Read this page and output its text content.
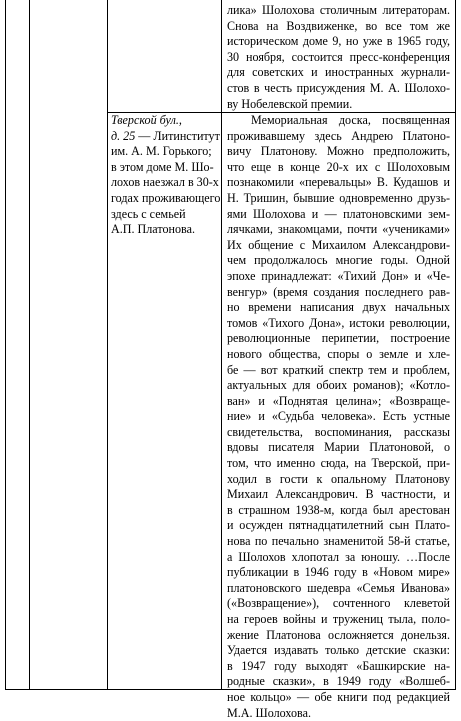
лика» Шолохова столичным литераторам.
Снова на Воздвиженке, во все том же
историческом доме 9, но уже в 1965 году,
30 ноября, состоится пресс-конференция
для советских и иностранных журнали-
стов в честь присуждения М. А. Шолохо-
ву Нобелевской премии.
Тверской бул.,
д. 25 — Литинститут
им. А. М. Горького;
в этом доме М. Шо-
лохов наезжал в 30-х
годах проживающего
здесь с семьей
А.П. Платонова.
Мемориальная доска, посвященная
проживавшему здесь Андрею Платоно-
вичу Платонову. Можно предположить,
что еще в конце 20-х их с Шолоховым
познакомили «перевальцы» В. Кудашов и
Н. Тришин, бывшие одновременно друзь-
ями Шолохова и — платоновскими зем-
лячками, знакомцами, почти «учениками»
Их общение с Михаилом Александрови-
чем продолжалось многие годы. Одной
эпохе принадлежат: «Тихий Дон» и «Че-
венгур» (время создания последнего рав-
но времени написания двух начальных
томов «Тихого Дона», истоки революции,
революционные перипетии, построение
нового общества, споры о земле и хле-
бе — вот краткий спектр тем и проблем,
актуальных для обоих романов); «Котло-
ван» и «Поднятая целина»; «Возвраще-
ние» и «Судьба человека». Есть устные
свидетельства, воспоминания, рассказы
вдовы писателя Марии Платоновой, о
том, что именно сюда, на Тверской, при-
ходил в гости к опальному Платонову
Михаил Александрович. В частности, и
в страшном 1938-м, когда был арестован
и осужден пятнадцатилетний сын Плато-
нова по печально знаменитой 58-й статье,
а Шолохов хлопотал за юношу. …После
публикации в 1946 году в «Новом мире»
платоновского шедевра «Семья Иванова»
(«Возвращение»), сочтенного клеветой
на героев войны и тружениц тыла, поло-
жение Платонова осложняется донельзя.
Удается издавать только детские сказки:
в 1947 году выходят «Башкирские на-
родные сказки», в 1949 году «Волшеб-
ное кольцо» — обе книги под редакцией
М.А. Шолохова.
